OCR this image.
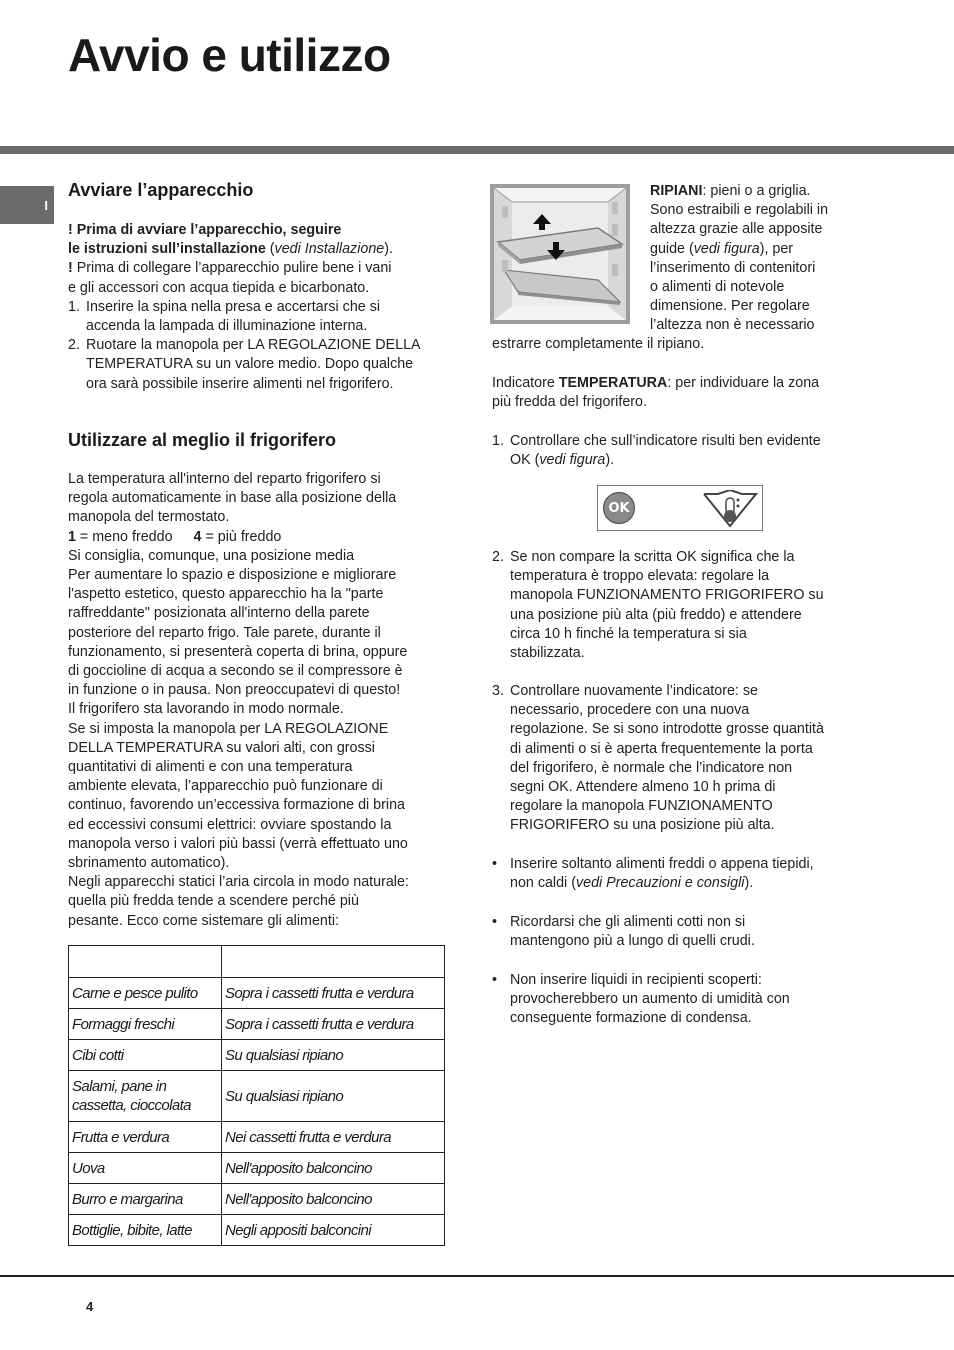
Avvio e utilizzo
I
Avviare l’apparecchio

! Prima di avviare l’apparecchio, seguire
le istruzioni sull’installazione (vedi Installazione).

! Prima di collegare l’apparecchio pulire bene i vani
e gli accessori con acqua tiepida e bicarbonato.

1. Inserire la spina nella presa e accertarsi che si
accenda la lampada di illuminazione interna.
2. Ruotare la manopola per LA REGOLAZIONE DELLA
TEMPERATURA su un valore medio. Dopo qualche
ora sarà possibile inserire alimenti nel frigorifero.
Utilizzare al meglio il frigorifero
La temperatura all'interno del reparto frigorifero si
regola automaticamente in base alla posizione della
manopola del termostato.
1 = meno freddo 4 = più freddo
Si consiglia, comunque, una posizione media
Per aumentare lo spazio e disposizione e migliorare
l'aspetto estetico, questo apparecchio ha la "parte
raffreddante" posizionata all'interno della parete
posteriore del reparto frigo. Tale parete, durante il
funzionamento, si presenterà coperta di brina, oppure
di goccioline di acqua a secondo se il compressore è
in funzione o in pausa. Non preoccupatevi di questo!
Il frigorifero sta lavorando in modo normale.
Se si imposta la manopola per LA REGOLAZIONE
DELLA TEMPERATURA su valori alti, con grossi
quantitativi di alimenti e con una temperatura
ambiente elevata, l’apparecchio può funzionare di
continuo, favorendo un’eccessiva formazione di brina
ed eccessivi consumi elettrici: ovviare spostando la
manopola verso i valori più bassi (verrà effettuato uno
sbrinamento automatico).
Negli apparecchi statici l’aria circola in modo naturale:
quella più fredda tende a scendere perché più
pesante. Ecco come sistemare gli alimenti:

Carne e pesce pulito	Sopra i cassetti frutta e verdura
Formaggi freschi	Sopra i cassetti frutta e verdura
Cibi cotti	Su qualsiasi ripiano
Salami, pane in
cassetta, cioccolata	Su qualsiasi ripiano
Frutta e verdura	Nei cassetti frutta e verdura
Uova	Nell'apposito balconcino
Burro e margarina	Nell'apposito balconcino
Bottiglie, bibite, latte	Negli appositi balconcini
RIPIANI: pieni o a griglia.
Sono estraibili e regolabili in
altezza grazie alle apposite
guide (vedi figura), per
l’inserimento di contenitori
o alimenti di notevole
dimensione. Per regolare
l’altezza non è necessario
estrarre completamente il ripiano.
Indicatore TEMPERATURA: per individuare la zona
più fredda del frigorifero.
1. Controllare che sull’indicatore risulti ben evidente
OK (vedi figura).
OK
2. Se non compare la scritta OK significa che la
temperatura è troppo elevata: regolare la
manopola FUNZIONAMENTO FRIGORIFERO su
una posizione più alta (più freddo) e attendere
circa 10 h finché la temperatura si sia
stabilizzata.
3. Controllare nuovamente l’indicatore: se
necessario, procedere con una nuova
regolazione. Se si sono introdotte grosse quantità
di alimenti o si è aperta frequentemente la porta
del frigorifero, è normale che l’indicatore non
segni OK. Attendere almeno 10 h prima di
regolare la manopola FUNZIONAMENTO
FRIGORIFERO su una posizione più alta.
• Inserire soltanto alimenti freddi o appena tiepidi,
non caldi (vedi Precauzioni e consigli).
• Ricordarsi che gli alimenti cotti non si
mantengono più a lungo di quelli crudi.
• Non inserire liquidi in recipienti scoperti:
provocherebbero un aumento di umidità con
conseguente formazione di condensa.
4
